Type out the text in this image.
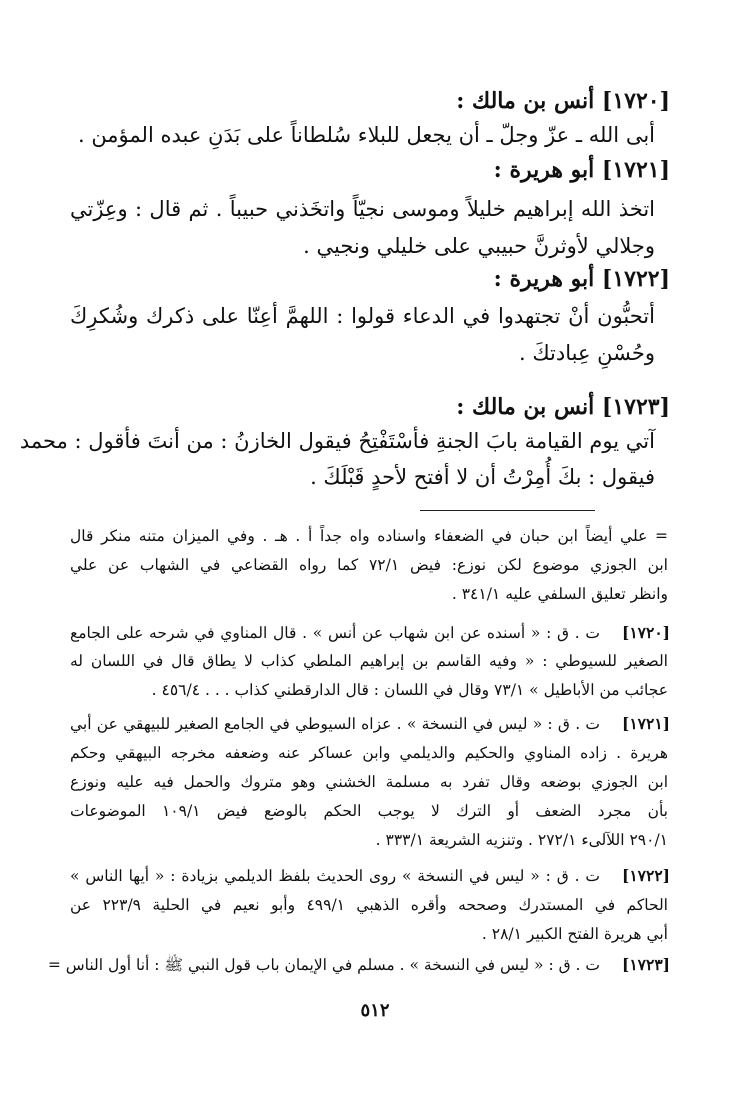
[١٧٢٠] أنس بن مالك :
أبى الله ـ عزّ وجلّ ـ أن يجعل للبلاء سُلطاناً على بَدَنِ عبده المؤمن .
[١٧٢١] أبو هريرة :
اتخذ الله إبراهيم خليلاً وموسى نجيّاً واتخَذني حبيباً . ثم قال : وعِزّتي
وجلالي لأوثرنَّ حبيبي على خليلي ونجيي .
[١٧٢٢] أبو هريرة :
أتحبُّون أنْ تجتهدوا في الدعاء قولوا : اللهمَّ أعِنّا على ذكرك وشُكرِكَ
وحُسْنِ عِبادتكَ .
[١٧٢٣] أنس بن مالك :
آتي يوم القيامة بابَ الجنةِ فأسْتَفْتِحُ فيقول الخازنُ : من أنتَ فأقول : محمد
فيقول : بكَ أُمِرْتُ أن لا أفتح لأحدٍ قَبْلَكَ .
= علي أيضاً ابن حبان في الضعفاء واسناده واه جداً أ . هـ . وفي الميزان متنه منكر قال
ابن الجوزي موضوع لكن نوزع: فيض ٧٢/١ كما رواه القضاعي في الشهاب عن علي
وانظر تعليق السلفي عليه ٣٤١/١ .
[١٧٢٠]
ت . ق : « أسنده عن ابن شهاب عن أنس » . قال المناوي في شرحه على الجامع
الصغير للسيوطي : « وفيه القاسم بن إبراهيم الملطي كذاب لا يطاق قال في اللسان له
عجائب من الأباطيل » ٧٣/١ وقال في اللسان : قال الدارقطني كذاب . . . ٤٥٦/٤ .
[١٧٢١]
ت . ق : « ليس في النسخة » . عزاه السيوطي في الجامع الصغير للبيهقي عن أبي
هريرة . زاده المناوي والحكيم والديلمي وابن عساكر عنه وضعفه مخرجه البيهقي وحكم
ابن الجوزي بوضعه وقال تفرد به مسلمة الخشني وهو متروك والحمل فيه عليه ونوزع
بأن مجرد الضعف أو الترك لا يوجب الحكم بالوضع فيض ١٠٩/١ الموضوعات
٢٩٠/١ اللآلىء ٢٧٢/١ . وتنزيه الشريعة ٣٣٣/١ .
[١٧٢٢]
ت . ق : « ليس في النسخة » روى الحديث بلفظ الديلمي بزيادة : « أيها الناس »
الحاكم في المستدرك وصححه وأقره الذهبي ٤٩٩/١ وأبو نعيم في الحلية ٢٢٣/٩ عن
أبي هريرة الفتح الكبير ٢٨/١ .
[١٧٢٣]
ت . ق : « ليس في النسخة » . مسلم في الإيمان باب قول النبي ﷺ : أنا أول الناس =
٥١٢
